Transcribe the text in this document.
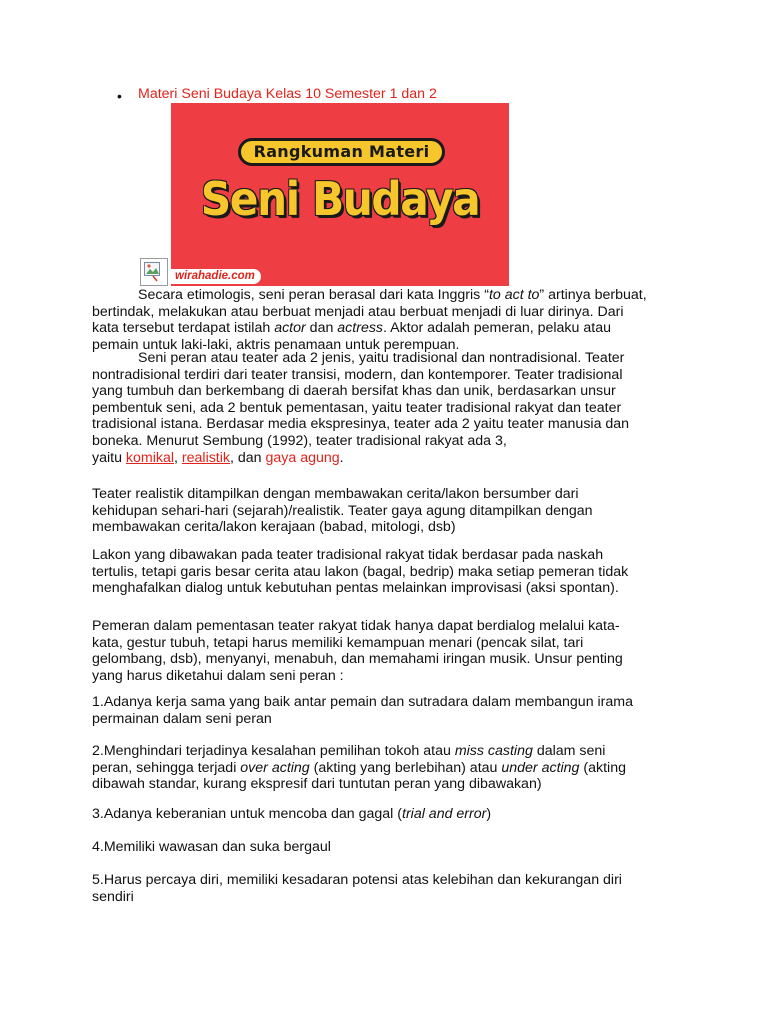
• Materi Seni Budaya Kelas 10 Semester 1 dan 2
Rangkuman Materi
Seni Budaya
wirahadie.com

Secara etimologis, seni peran berasal dari kata Inggris “to act to” artinya berbuat,
bertindak, melakukan atau berbuat menjadi atau berbuat menjadi di luar dirinya. Dari
kata tersebut terdapat istilah actor dan actress. Aktor adalah pemeran, pelaku atau
pemain untuk laki-laki, aktris penamaan untuk perempuan.

Seni peran atau teater ada 2 jenis, yaitu tradisional dan nontradisional. Teater
nontradisional terdiri dari teater transisi, modern, dan kontemporer. Teater tradisional
yang tumbuh dan berkembang di daerah bersifat khas dan unik, berdasarkan unsur
pembentuk seni, ada 2 bentuk pementasan, yaitu teater tradisional rakyat dan teater
tradisional istana. Berdasar media ekspresinya, teater ada 2 yaitu teater manusia dan
boneka. Menurut Sembung (1992), teater tradisional rakyat ada 3,
yaitu komikal, realistik, dan gaya agung.

Teater realistik ditampilkan dengan membawakan cerita/lakon bersumber dari
kehidupan sehari-hari (sejarah)/realistik. Teater gaya agung ditampilkan dengan
membawakan cerita/lakon kerajaan (babad, mitologi, dsb)

Lakon yang dibawakan pada teater tradisional rakyat tidak berdasar pada naskah
tertulis, tetapi garis besar cerita atau lakon (bagal, bedrip) maka setiap pemeran tidak
menghafalkan dialog untuk kebutuhan pentas melainkan improvisasi (aksi spontan).

Pemeran dalam pementasan teater rakyat tidak hanya dapat berdialog melalui kata-
kata, gestur tubuh, tetapi harus memiliki kemampuan menari (pencak silat, tari
gelombang, dsb), menyanyi, menabuh, dan memahami iringan musik. Unsur penting
yang harus diketahui dalam seni peran :

1.Adanya kerja sama yang baik antar pemain dan sutradara dalam membangun irama
permainan dalam seni peran

2.Menghindari terjadinya kesalahan pemilihan tokoh atau miss casting dalam seni
peran, sehingga terjadi over acting (akting yang berlebihan) atau under acting (akting
dibawah standar, kurang ekspresif dari tuntutan peran yang dibawakan)

3.Adanya keberanian untuk mencoba dan gagal (trial and error)

4.Memiliki wawasan dan suka bergaul

5.Harus percaya diri, memiliki kesadaran potensi atas kelebihan dan kekurangan diri
sendiri
